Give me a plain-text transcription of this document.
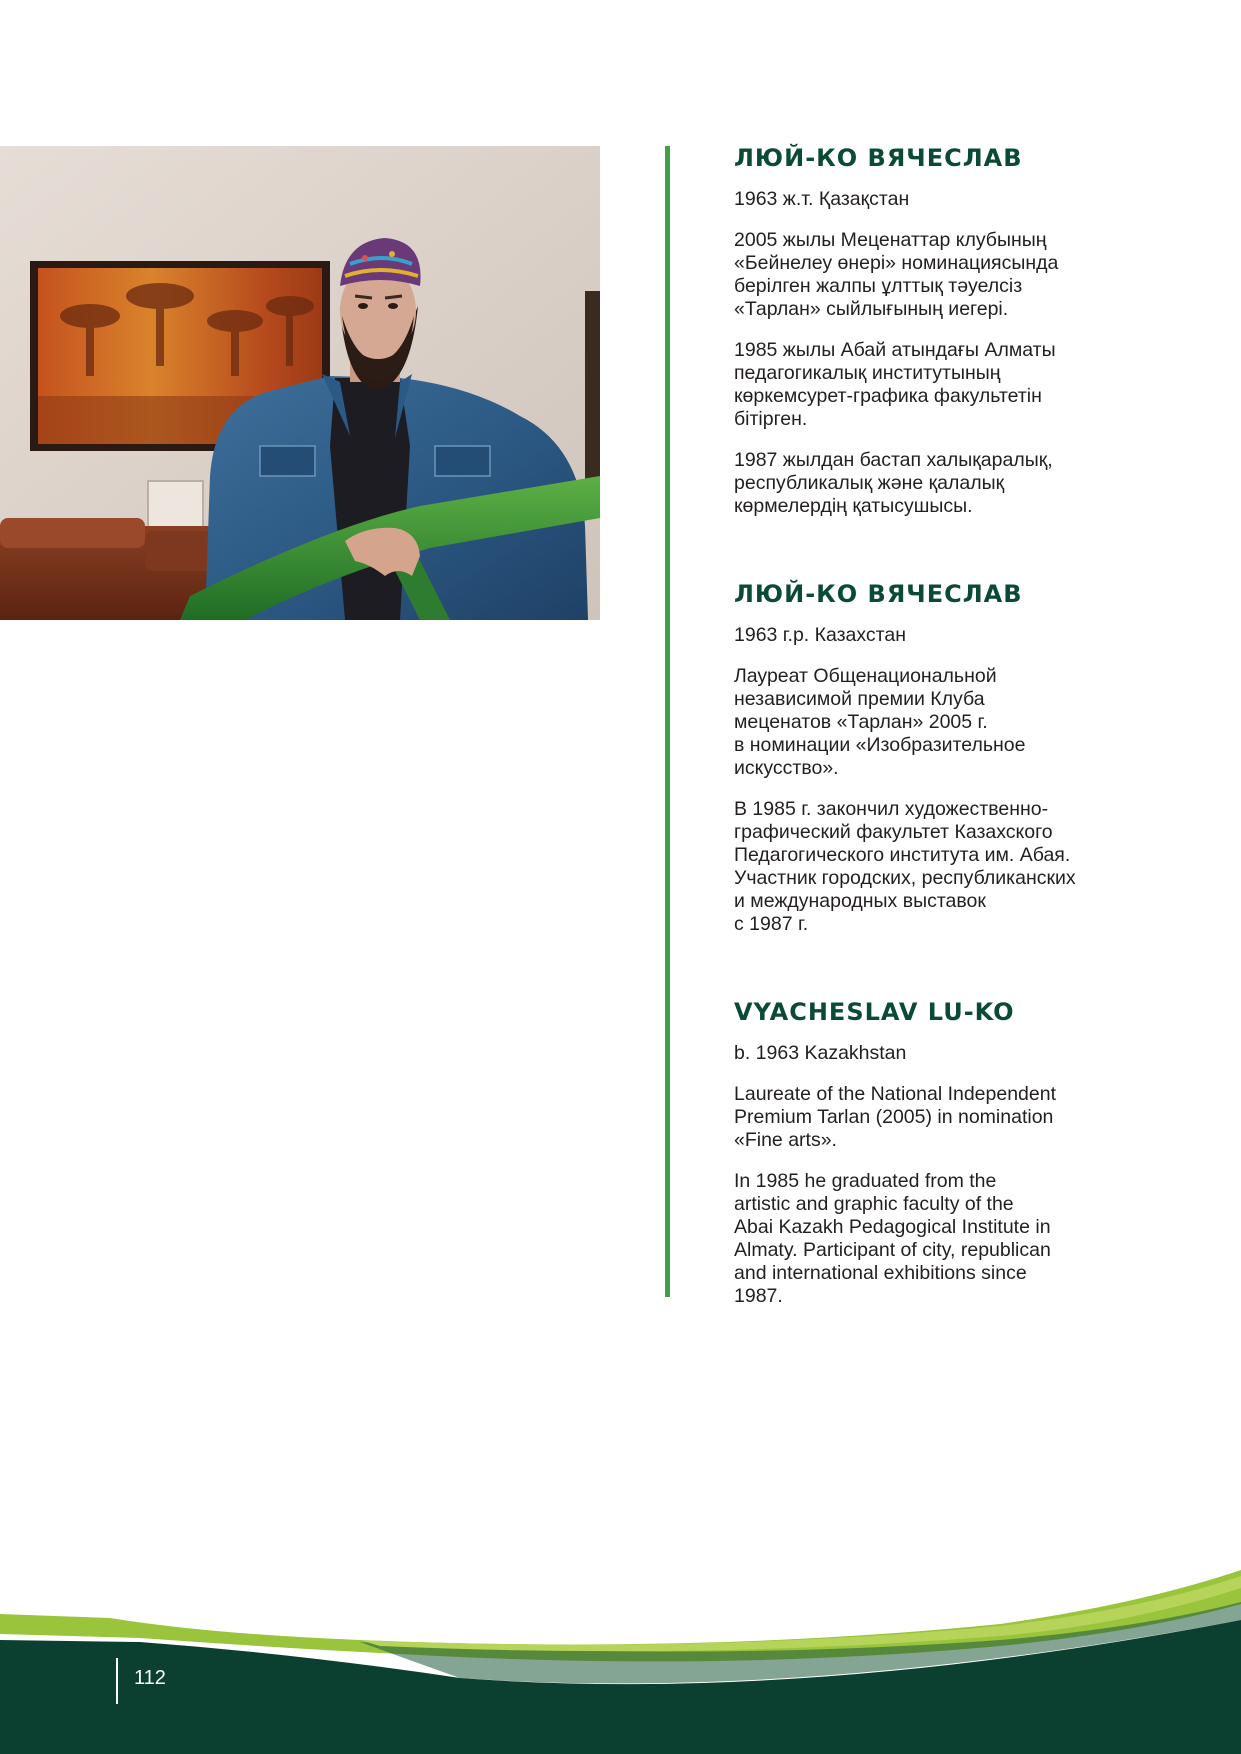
ЛЮЙ-КО ВЯЧЕСЛАВ

1963 ж.т. Қазақстан

2005 жылы Меценаттар клубының
«Бейнелеу өнері» номинациясында
берілген жалпы ұлттық тәуелсіз
«Тарлан» сыйлығының иегері.

1985 жылы Абай атындағы Алматы
педагогикалық институтының
көркемсурет-графика факультетін
бітірген.

1987 жылдан бастап халықаралық,
республикалық және қалалық
көрмелердің қатысушысы.

ЛЮЙ-КО ВЯЧЕСЛАВ

1963 г.р. Казахстан

Лауреат Общенациональной
независимой премии Клуба
меценатов «Тарлан» 2005 г.
в номинации «Изобразительное
искусство».

В 1985 г. закончил художественно-
графический факультет Казахского
Педагогического института им. Абая.
Участник городских, республиканских
и международных выставок
с 1987 г.

VYACHESLAV LU-KO

b. 1963 Kazakhstan

Laureate of the National Independent
Premium Tarlan (2005) in nomination
«Fine arts».

In 1985 he graduated from the
artistic and graphic faculty of the
Abai Kazakh Pedagogical Institute in
Almaty. Participant of city, republican
and international exhibitions since
1987.

112
